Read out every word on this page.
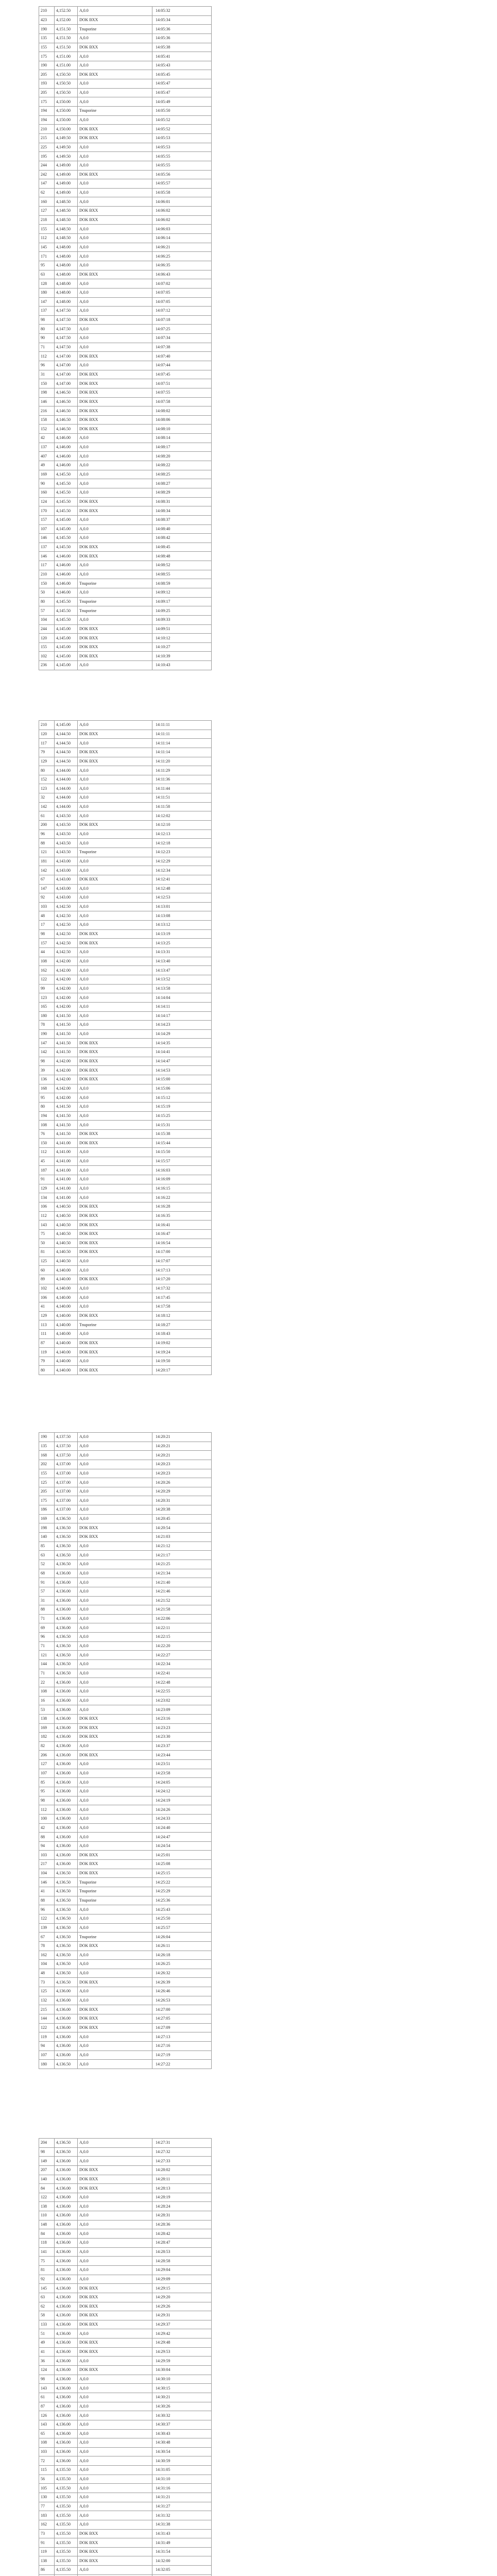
210	4,152.50	A,0.0	14:05:32
423	4,152.00	DOK BXX	14:05:34
190	4,151.50	Tnuporine	14:05:36
135	4,151.50	A,0.0	14:05:36
155	4,151.50	DOK BXX	14:05:38
175	4,151.00	A,0.0	14:05:41
190	4,151.00	A,0.0	14:05:43
205	4,150.50	DOK BXX	14:05:45
193	4,150.50	A,0.0	14:05:47
205	4,150.50	A,0.0	14:05:47
175	4,150.00	A,0.0	14:05:49
194	4,150.00	Tnuporine	14:05:50
194	4,150.00	A,0.0	14:05:52
210	4,150.00	DOK BXX	14:05:52
215	4,149.50	DOK BXX	14:05:53
225	4,149.50	A,0.0	14:05:53
195	4,149.50	A,0.0	14:05:55
244	4,149.00	A,0.0	14:05:55
242	4,149.00	DOK BXX	14:05:56
147	4,149.00	A,0.0	14:05:57
62	4,149.00	A,0.0	14:05:58
160	4,148.50	A,0.0	14:06:01
127	4,148.50	DOK BXX	14:06:02
218	4,148.50	DOK BXX	14:06:02
155	4,148.50	A,0.0	14:06:03
112	4,148.50	A,0.0	14:06:14
145	4,148.00	A,0.0	14:06:21
171	4,148.00	A,0.0	14:06:25
95	4,148.00	A,0.0	14:06:35
63	4,148.00	DOK BXX	14:06:43
128	4,148.00	A,0.0	14:07:02
180	4,148.00	A,0.0	14:07:05
147	4,148.00	A,0.0	14:07:05
137	4,147.50	A,0.0	14:07:12
98	4,147.50	DOK BXX	14:07:18
80	4,147.50	A,0.0	14:07:25
90	4,147.50	A,0.0	14:07:34
71	4,147.50	A,0.0	14:07:38
112	4,147.00	DOK BXX	14:07:40
96	4,147.00	A,0.0	14:07:44
31	4,147.00	DOK BXX	14:07:45
150	4,147.00	DOK BXX	14:07:51
198	4,146.50	DOK BXX	14:07:55
146	4,146.50	DOK BXX	14:07:58
216	4,146.50	DOK BXX	14:08:02
158	4,146.50	DOK BXX	14:08:06
152	4,146.50	DOK BXX	14:08:10
42	4,146.00	A,0.0	14:08:14
137	4,146.00	A,0.0	14:08:17
407	4,146.00	A,0.0	14:08:20
49	4,146.00	A,0.0	14:08:22
169	4,145.50	A,0.0	14:08:25
90	4,145.50	A,0.0	14:08:27
160	4,145.50	A,0.0	14:08:29
124	4,145.50	DOK BXX	14:08:31
170	4,145.50	DOK BXX	14:08:34
157	4,145.00	A,0.0	14:08:37
107	4,145.00	A,0.0	14:08:40
146	4,145.50	A,0.0	14:08:42
137	4,145.50	DOK BXX	14:08:45
146	4,146.00	DOK BXX	14:08:48
117	4,146.00	A,0.0	14:08:52
210	4,146.00	A,0.0	14:08:55
150	4,146.00	Tnuporine	14:08:59
50	4,146.00	A,0.0	14:09:12
80	4,145.50	Tnuporine	14:09:17
57	4,145.50	Tnuporine	14:09:25
104	4,145.50	A,0.0	14:09:33
244	4,145.00	DOK BXX	14:09:51
120	4,145.00	DOK BXX	14:10:12
155	4,145.00	DOK BXX	14:10:27
102	4,145.00	DOK BXX	14:10:39
236	4,145.00	A,0.0	14:10:43
210	4,145.00	A,0.0	14:11:11
120	4,144.50	DOK BXX	14:11:11
117	4,144.50	A,0.0	14:11:14
79	4,144.50	DOK BXX	14:11:14
129	4,144.50	DOK BXX	14:11:20
80	4,144.00	A,0.0	14:11:29
152	4,144.00	A,0.0	14:11:36
123	4,144.00	A,0.0	14:11:44
32	4,144.00	A,0.0	14:11:51
142	4,144.00	A,0.0	14:11:58
61	4,143.50	A,0.0	14:12:02
200	4,143.50	DOK BXX	14:12:10
96	4,143.50	A,0.0	14:12:13
88	4,143.50	A,0.0	14:12:18
121	4,143.50	Tnuporine	14:12:23
181	4,143.00	A,0.0	14:12:29
142	4,143.00	A,0.0	14:12:34
67	4,143.00	DOK BXX	14:12:41
147	4,143.00	A,0.0	14:12:48
92	4,143.00	A,0.0	14:12:53
103	4,142.50	A,0.0	14:13:01
48	4,142.50	A,0.0	14:13:08
17	4,142.50	A,0.0	14:13:12
98	4,142.50	DOK BXX	14:13:19
157	4,142.50	DOK BXX	14:13:25
44	4,142.50	A,0.0	14:13:31
108	4,142.00	A,0.0	14:13:40
162	4,142.00	A,0.0	14:13:47
122	4,142.00	A,0.0	14:13:52
99	4,142.00	A,0.0	14:13:58
123	4,142.00	A,0.0	14:14:04
165	4,142.00	A,0.0	14:14:11
180	4,141.50	A,0.0	14:14:17
78	4,141.50	A,0.0	14:14:23
190	4,141.50	A,0.0	14:14:29
147	4,141.50	DOK BXX	14:14:35
142	4,141.50	DOK BXX	14:14:41
98	4,142.00	DOK BXX	14:14:47
39	4,142.00	DOK BXX	14:14:53
136	4,142.00	DOK BXX	14:15:00
168	4,142.00	A,0.0	14:15:06
95	4,142.00	A,0.0	14:15:12
80	4,141.50	A,0.0	14:15:19
194	4,141.50	A,0.0	14:15:25
108	4,141.50	A,0.0	14:15:31
76	4,141.50	DOK BXX	14:15:38
150	4,141.00	DOK BXX	14:15:44
112	4,141.00	A,0.0	14:15:50
45	4,141.00	A,0.0	14:15:57
187	4,141.00	A,0.0	14:16:03
91	4,141.00	A,0.0	14:16:09
129	4,141.00	A,0.0	14:16:15
134	4,141.00	A,0.0	14:16:22
106	4,140.50	DOK BXX	14:16:28
112	4,140.50	DOK BXX	14:16:35
143	4,140.50	DOK BXX	14:16:41
75	4,140.50	DOK BXX	14:16:47
50	4,140.50	DOK BXX	14:16:54
81	4,140.50	DOK BXX	14:17:00
125	4,140.50	A,0.0	14:17:07
60	4,140.00	A,0.0	14:17:13
89	4,140.00	DOK BXX	14:17:20
102	4,140.00	A,0.0	14:17:32
106	4,140.00	A,0.0	14:17:45
41	4,140.00	A,0.0	14:17:58
129	4,140.00	DOK BXX	14:18:12
113	4,140.00	Tnuporine	14:18:27
111	4,140.00	A,0.0	14:18:43
87	4,140.00	DOK BXX	14:19:02
119	4,140.00	DOK BXX	14:19:24
79	4,140.00	A,0.0	14:19:50
80	4,140.00	DOK BXX	14:20:17
190	4,137.50	A,0.0	14:20:21
135	4,137.50	A,0.0	14:20:21
168	4,137.50	A,0.0	14:20:21
202	4,137.00	A,0.0	14:20:23
155	4,137.00	A,0.0	14:20:23
125	4,137.00	A,0.0	14:20:26
205	4,137.00	A,0.0	14:20:29
175	4,137.00	A,0.0	14:20:31
186	4,137.00	A,0.0	14:20:38
169	4,136.50	A,0.0	14:20:45
198	4,136.50	DOK BXX	14:20:54
140	4,136.50	DOK BXX	14:21:03
85	4,136.50	A,0.0	14:21:12
63	4,136.50	A,0.0	14:21:17
52	4,136.50	A,0.0	14:21:25
68	4,136.00	A,0.0	14:21:34
91	4,136.00	A,0.0	14:21:40
57	4,136.00	A,0.0	14:21:46
31	4,136.00	A,0.0	14:21:52
88	4,136.00	A,0.0	14:21:58
71	4,136.00	A,0.0	14:22:06
69	4,136.00	A,0.0	14:22:11
96	4,136.50	A,0.0	14:22:15
71	4,136.50	A,0.0	14:22:20
121	4,136.50	A,0.0	14:22:27
144	4,136.50	A,0.0	14:22:34
71	4,136.50	A,0.0	14:22:41
22	4,136.00	A,0.0	14:22:48
108	4,136.00	A,0.0	14:22:55
16	4,136.00	A,0.0	14:23:02
53	4,136.00	A,0.0	14:23:09
138	4,136.00	DOK BXX	14:23:16
169	4,136.00	DOK BXX	14:23:23
182	4,136.00	DOK BXX	14:23:30
82	4,136.00	A,0.0	14:23:37
206	4,136.00	DOK BXX	14:23:44
127	4,136.00	A,0.0	14:23:51
107	4,136.00	A,0.0	14:23:58
85	4,136.00	A,0.0	14:24:05
95	4,136.00	A,0.0	14:24:12
98	4,136.00	A,0.0	14:24:19
112	4,136.00	A,0.0	14:24:26
100	4,136.00	A,0.0	14:24:33
42	4,136.00	A,0.0	14:24:40
88	4,136.00	A,0.0	14:24:47
94	4,136.00	A,0.0	14:24:54
103	4,136.00	DOK BXX	14:25:01
217	4,136.00	DOK BXX	14:25:08
104	4,136.50	DOK BXX	14:25:15
146	4,136.50	Tnuporine	14:25:22
41	4,136.50	Tnuporine	14:25:29
88	4,136.50	Tnuporine	14:25:36
96	4,136.50	A,0.0	14:25:43
122	4,136.50	A,0.0	14:25:50
139	4,136.50	A,0.0	14:25:57
67	4,136.50	Tnuporine	14:26:04
78	4,136.50	DOK BXX	14:26:11
162	4,136.50	A,0.0	14:26:18
104	4,136.50	A,0.0	14:26:25
48	4,136.50	A,0.0	14:26:32
73	4,136.50	DOK BXX	14:26:39
125	4,136.00	A,0.0	14:26:46
132	4,136.00	A,0.0	14:26:53
215	4,136.00	DOK BXX	14:27:00
144	4,136.00	DOK BXX	14:27:05
122	4,136.00	DOK BXX	14:27:09
119	4,136.00	A,0.0	14:27:13
94	4,136.00	A,0.0	14:27:16
107	4,136.00	A,0.0	14:27:19
180	4,136.50	A,0.0	14:27:22
204	4,136.50	A,0.0	14:27:31
98	4,136.50	A,0.0	14:27:32
149	4,136.00	A,0.0	14:27:33
207	4,136.00	DOK BXX	14:28:02
140	4,136.00	DOK BXX	14:28:11
84	4,136.00	DOK BXX	14:28:13
122	4,136.00	A,0.0	14:28:19
138	4,136.00	A,0.0	14:28:24
110	4,136.00	A,0.0	14:28:31
148	4,136.00	A,0.0	14:28:36
84	4,136.00	A,0.0	14:28:42
118	4,136.00	A,0.0	14:28:47
141	4,136.00	A,0.0	14:28:53
75	4,136.00	A,0.0	14:28:58
81	4,136.00	A,0.0	14:29:04
92	4,136.00	A,0.0	14:29:09
145	4,136.00	DOK BXX	14:29:15
63	4,136.00	DOK BXX	14:29:20
62	4,136.00	DOK BXX	14:29:26
58	4,136.00	DOK BXX	14:29:31
133	4,136.00	DOK BXX	14:29:37
51	4,136.00	A,0.0	14:29:42
49	4,136.00	DOK BXX	14:29:48
41	4,136.00	DOK BXX	14:29:53
36	4,136.00	A,0.0	14:29:59
124	4,136.00	DOK BXX	14:30:04
98	4,136.00	A,0.0	14:30:10
143	4,136.00	A,0.0	14:30:15
61	4,136.00	A,0.0	14:30:21
87	4,136.00	A,0.0	14:30:26
126	4,136.00	A,0.0	14:30:32
143	4,136.00	A,0.0	14:30:37
65	4,136.00	A,0.0	14:30:43
108	4,136.00	A,0.0	14:30:48
103	4,136.00	A,0.0	14:30:54
72	4,136.00	A,0.0	14:30:59
115	4,135.50	A,0.0	14:31:05
56	4,135.50	A,0.0	14:31:10
105	4,135.50	A,0.0	14:31:16
130	4,135.50	A,0.0	14:31:21
77	4,135.50	A,0.0	14:31:27
183	4,135.50	A,0.0	14:31:32
162	4,135.50	A,0.0	14:31:38
73	4,135.50	DOK BXX	14:31:43
91	4,135.50	DOK BXX	14:31:49
119	4,135.50	DOK BXX	14:31:54
138	4,135.50	DOK BXX	14:32:00
86	4,135.50	A,0.0	14:32:05
